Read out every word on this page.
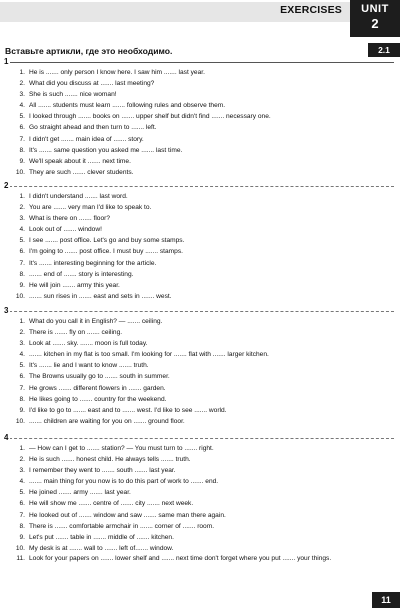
EXERCISES	UNIT
2
Вставьте артикли, где это необходимо.	2.1
1
1. He is ....... only person I know here. I saw him ....... last year.
2. What did you discuss at ....... last meeting?
3. She is such ....... nice woman!
4. All ....... students must learn ....... following rules and observe them.
5. I looked through ....... books on ....... upper shelf but didn't find ....... necessary one.
6. Go straight ahead and then turn to ....... left.
7. I didn't get ....... main idea of ....... story.
8. It's ....... same question you asked me ....... last time.
9. We'll speak about it ....... next time.
10. They are such ....... clever students.
2
1. I didn't understand ....... last word.
2. You are ....... very man I'd like to speak to.
3. What is there on ....... floor?
4. Look out of ....... window!
5. I see ....... post office. Let's go and buy some stamps.
6. I'm going to ....... post office. I must buy ....... stamps.
7. It's ....... interesting beginning for the article.
8. ....... end of ....... story is interesting.
9. He will join ....... army this year.
10. ....... sun rises in ....... east and sets in ....... west.
3
1. What do you call it in English? — ....... ceiling.
2. There is ....... fly on ....... ceiling.
3. Look at ....... sky. ....... moon is full today.
4. ....... kitchen in my flat is too small. I'm looking for ....... flat with ....... larger kitchen.
5. It's ....... lie and I want to know ....... truth.
6. The Browns usually go to ....... south in summer.
7. He grows ....... different flowers in ....... garden.
8. He likes going to ....... country for the weekend.
9. I'd like to go to ....... east and to ....... west. I'd like to see ....... world.
10. ....... children are waiting for you on ....... ground floor.
4
1. — How can I get to ....... station? — You must turn to ....... right.
2. He is such ....... honest child. He always tells ....... truth.
3. I remember they went to ....... south ....... last year.
4. ....... main thing for you now is to do this part of work to ....... end.
5. He joined ....... army ....... last year.
6. He will show me ....... centre of ....... city ....... next week.
7. He looked out of ....... window and saw ....... same man there again.
8. There is ....... comfortable armchair in ....... corner of ....... room.
9. Let's put ....... table in ....... middle of ....... kitchen.
10. My desk is at ....... wall to ....... left of....... window.
11. Look for your papers on ....... lower shelf and ....... next time don't forget where you put ....... your things.
11
